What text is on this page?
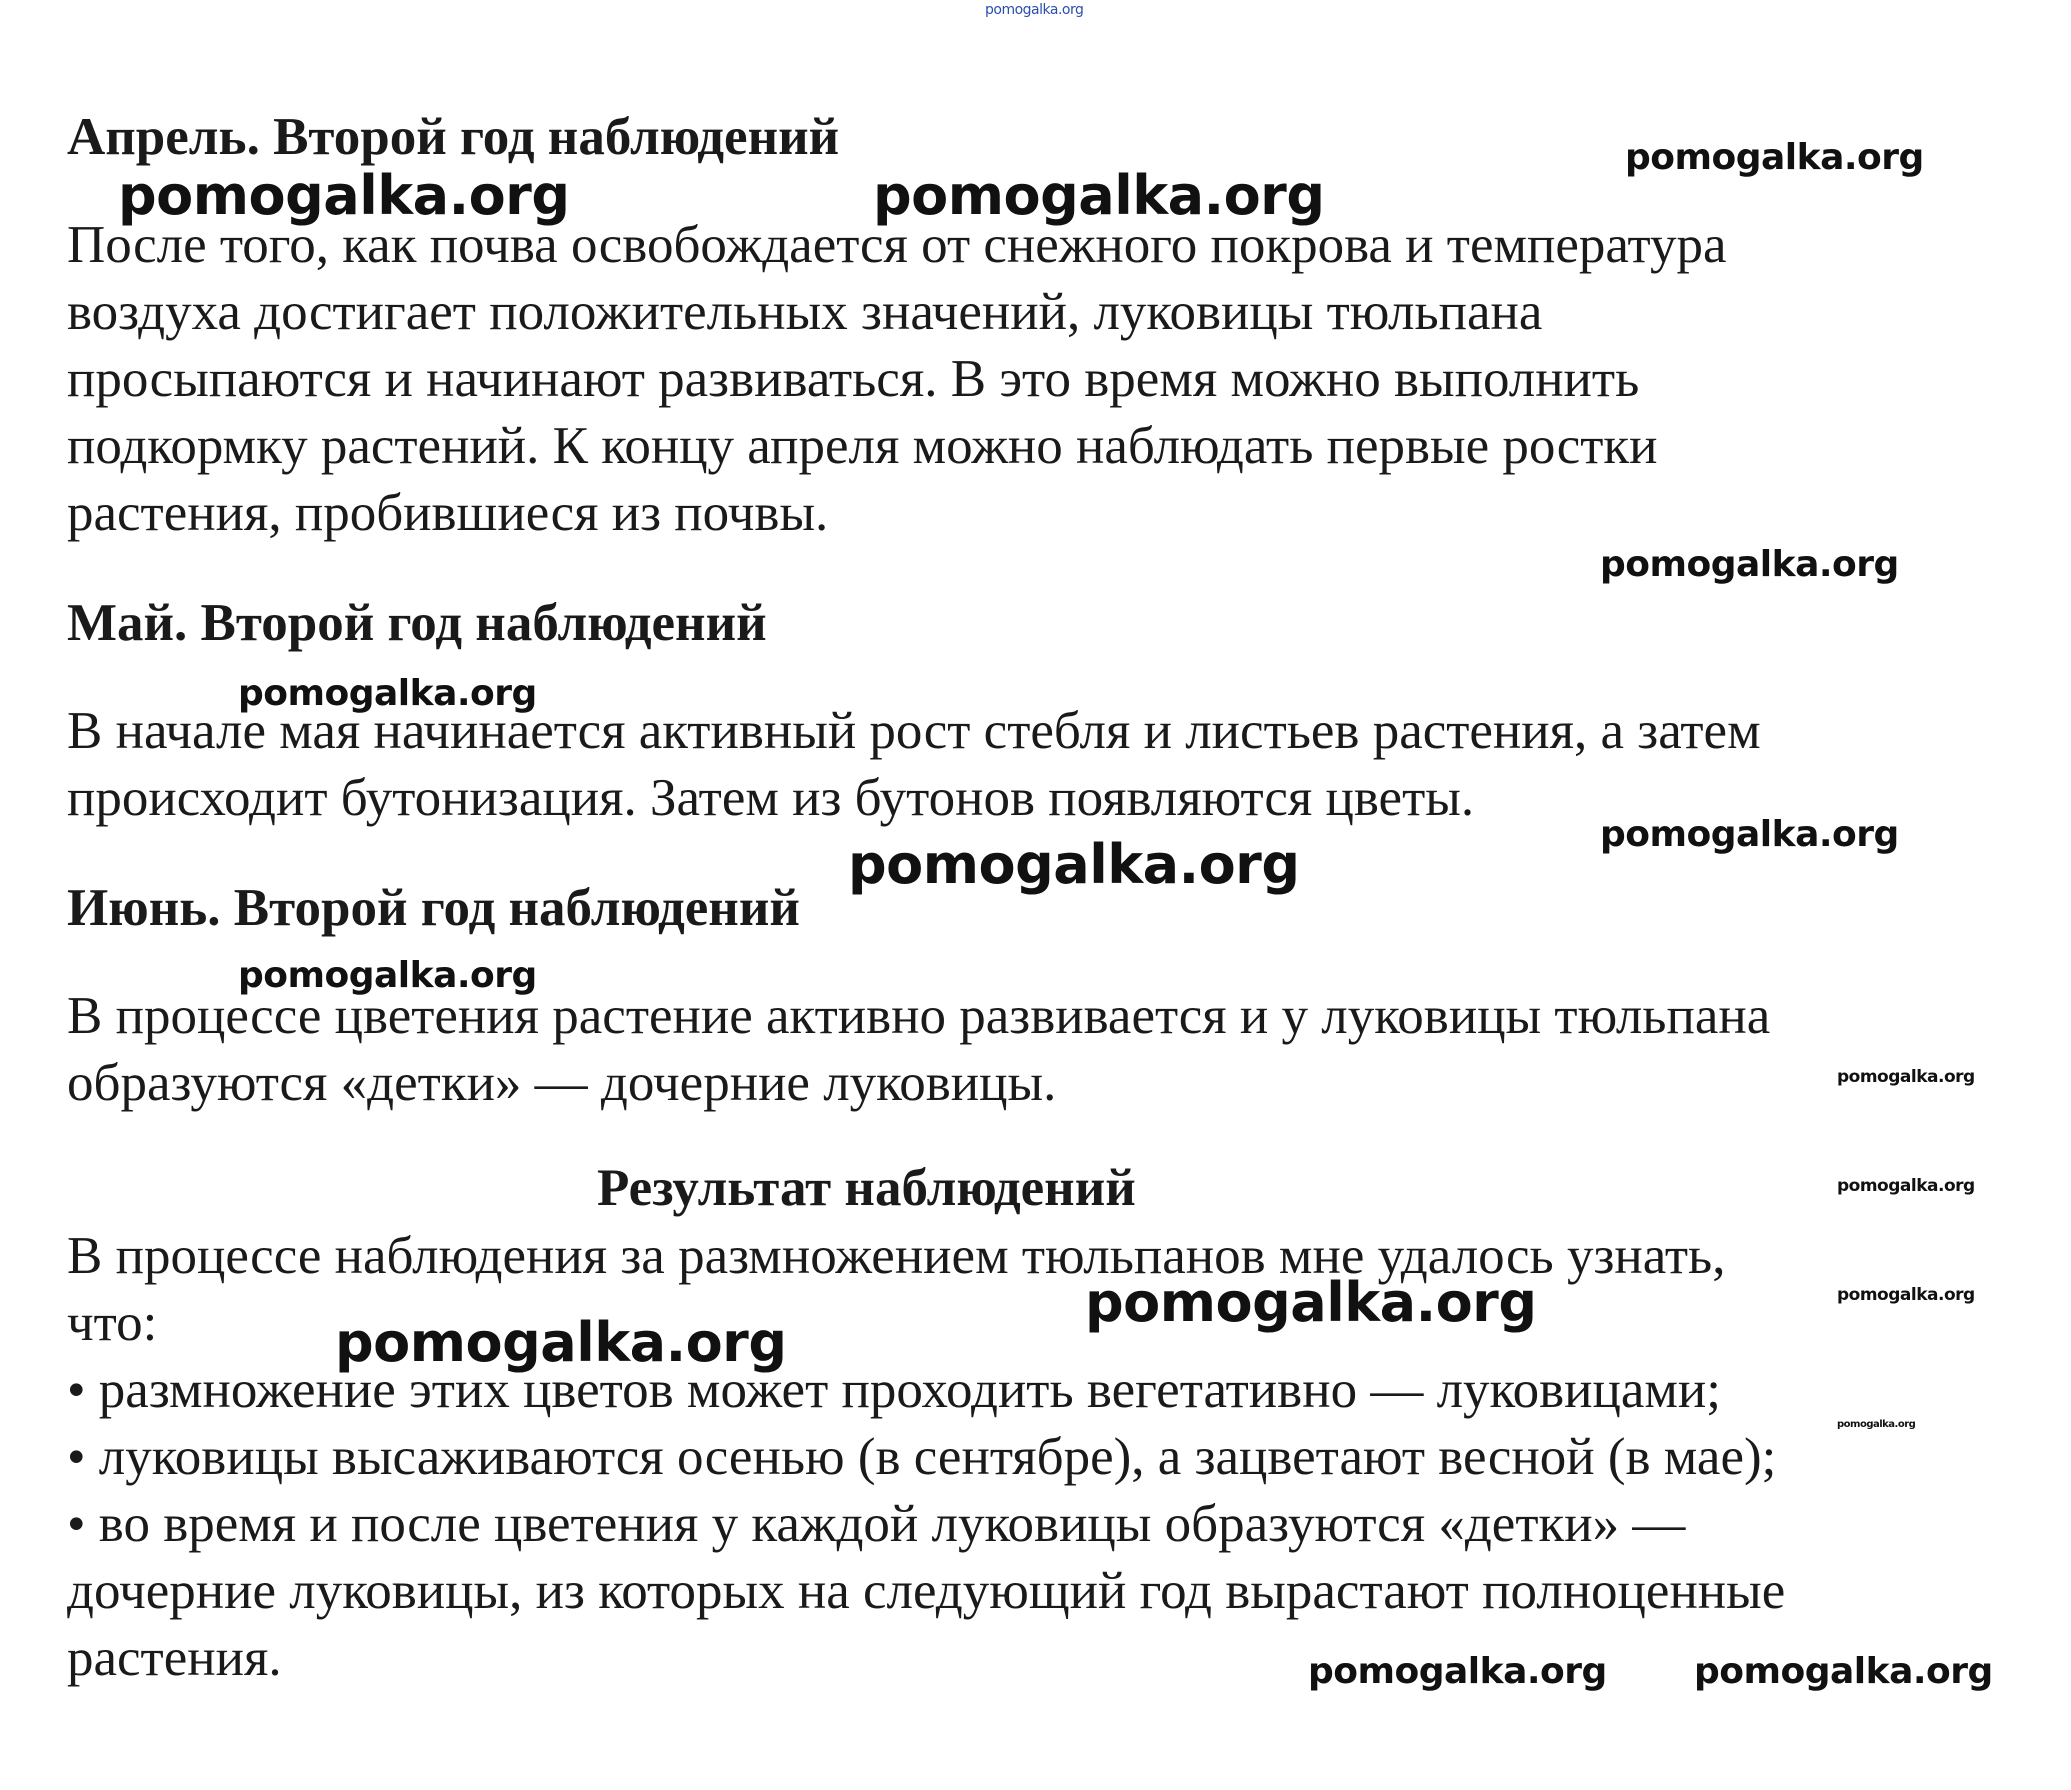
pomogalka.org
Апрель. Второй год наблюдений
После того, как почва освобождается от снежного покрова и температура
воздуха достигает положительных значений, луковицы тюльпана
просыпаются и начинают развиваться. В это время можно выполнить
подкормку растений. К концу апреля можно наблюдать первые ростки
растения, пробившиеся из почвы.
Май. Второй год наблюдений
В начале мая начинается активный рост стебля и листьев растения, а затем
происходит бутонизация. Затем из бутонов появляются цветы.
Июнь. Второй год наблюдений
В процессе цветения растение активно развивается и у луковицы тюльпана
образуются «детки» — дочерние луковицы.
Результат наблюдений
В процессе наблюдения за размножением тюльпанов мне удалось узнать,
что:
• размножение этих цветов может проходить вегетативно — луковицами;
• луковицы высаживаются осенью (в сентябре), а зацветают весной (в мае);
• во время и после цветения у каждой луковицы образуются «детки» —
дочерние луковицы, из которых на следующий год вырастают полноценные
растения.
pomogalka.org	pomogalka.org
pomogalka.org
pomogalka.org
pomogalka.org
pomogalka.org
pomogalka.org
pomogalka.org
pomogalka.org
pomogalka.org
pomogalka.org
pomogalka.org
pomogalka.org
pomogalka.org
pomogalka.org pomogalka.org
